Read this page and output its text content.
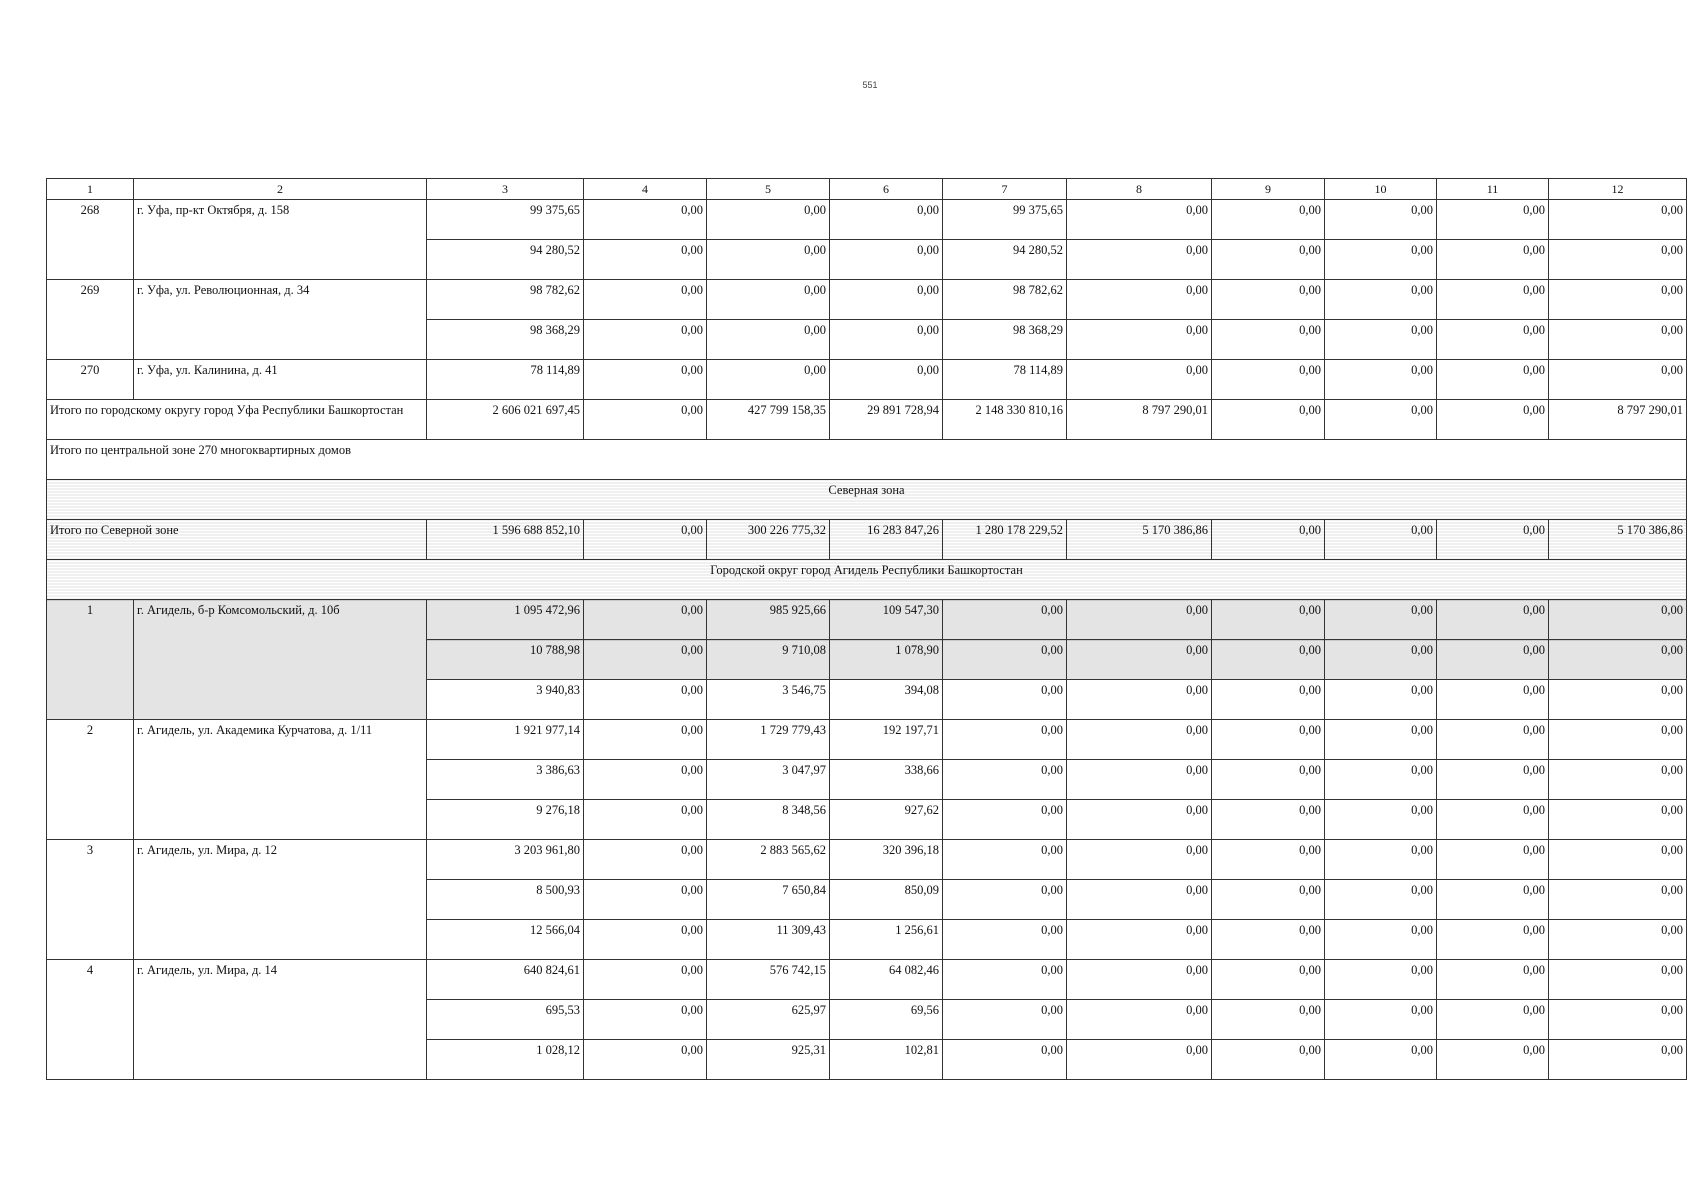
551
1	2	3	4	5	6	7	8	9	10	11	12
268	г. Уфа, пр-кт Октября, д. 158	99 375,65	0,00	0,00	0,00	99 375,65	0,00	0,00	0,00	0,00	0,00
		94 280,52	0,00	0,00	0,00	94 280,52	0,00	0,00	0,00	0,00	0,00
269	г. Уфа, ул. Революционная, д. 34	98 782,62	0,00	0,00	0,00	98 782,62	0,00	0,00	0,00	0,00	0,00
		98 368,29	0,00	0,00	0,00	98 368,29	0,00	0,00	0,00	0,00	0,00
270	г. Уфа, ул. Калинина, д. 41	78 114,89	0,00	0,00	0,00	78 114,89	0,00	0,00	0,00	0,00	0,00
Итого по городскому округу город Уфа Республики Башкортостан		2 606 021 697,45	0,00	427 799 158,35	29 891 728,94	2 148 330 810,16	8 797 290,01	0,00	0,00	0,00	8 797 290,01
Итого по центральной зоне 270 многоквартирных домов											
Северная зона											
Итого по Северной зоне		1 596 688 852,10	0,00	300 226 775,32	16 283 847,26	1 280 178 229,52	5 170 386,86	0,00	0,00	0,00	5 170 386,86
Городской округ город Агидель Республики Башкортостан											
1	г. Агидель, б-р Комсомольский, д. 10б	1 095 472,96	0,00	985 925,66	109 547,30	0,00	0,00	0,00	0,00	0,00	0,00
		10 788,98	0,00	9 710,08	1 078,90	0,00	0,00	0,00	0,00	0,00	0,00
		3 940,83	0,00	3 546,75	394,08	0,00	0,00	0,00	0,00	0,00	0,00
2	г. Агидель, ул. Академика Курчатова, д. 1/11	1 921 977,14	0,00	1 729 779,43	192 197,71	0,00	0,00	0,00	0,00	0,00	0,00
		3 386,63	0,00	3 047,97	338,66	0,00	0,00	0,00	0,00	0,00	0,00
		9 276,18	0,00	8 348,56	927,62	0,00	0,00	0,00	0,00	0,00	0,00
3	г. Агидель, ул. Мира, д. 12	3 203 961,80	0,00	2 883 565,62	320 396,18	0,00	0,00	0,00	0,00	0,00	0,00
		8 500,93	0,00	7 650,84	850,09	0,00	0,00	0,00	0,00	0,00	0,00
		12 566,04	0,00	11 309,43	1 256,61	0,00	0,00	0,00	0,00	0,00	0,00
4	г. Агидель, ул. Мира, д. 14	640 824,61	0,00	576 742,15	64 082,46	0,00	0,00	0,00	0,00	0,00	0,00
		695,53	0,00	625,97	69,56	0,00	0,00	0,00	0,00	0,00	0,00
		1 028,12	0,00	925,31	102,81	0,00	0,00	0,00	0,00	0,00	0,00
